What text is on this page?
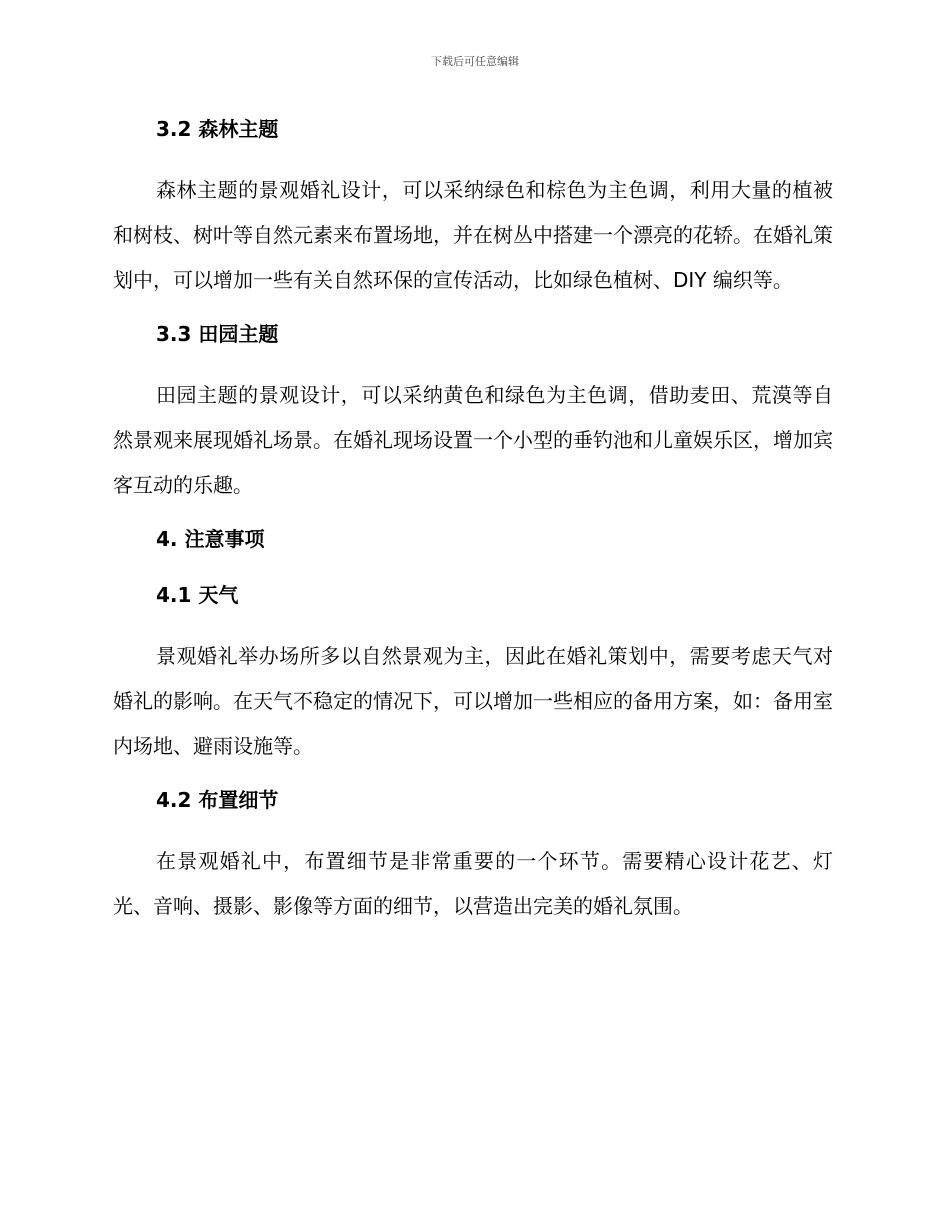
下载后可任意编辑
3.2 森林主题

森林主题的景观婚礼设计，可以采纳绿色和棕色为主色调，利用大量的植被和树枝、树叶等自然元素来布置场地，并在树丛中搭建一个漂亮的花轿。在婚礼策划中，可以增加一些有关自然环保的宣传活动，比如绿色植树、DIY 编织等。

3.3 田园主题

田园主题的景观设计，可以采纳黄色和绿色为主色调，借助麦田、荒漠等自然景观来展现婚礼场景。在婚礼现场设置一个小型的垂钓池和儿童娱乐区，增加宾客互动的乐趣。

4. 注意事项
4.1 天气

景观婚礼举办场所多以自然景观为主，因此在婚礼策划中，需要考虑天气对婚礼的影响。在天气不稳定的情况下，可以增加一些相应的备用方案，如：备用室内场地、避雨设施等。

4.2 布置细节

在景观婚礼中，布置细节是非常重要的一个环节。需要精心设计花艺、灯光、音响、摄影、影像等方面的细节，以营造出完美的婚礼氛围。
